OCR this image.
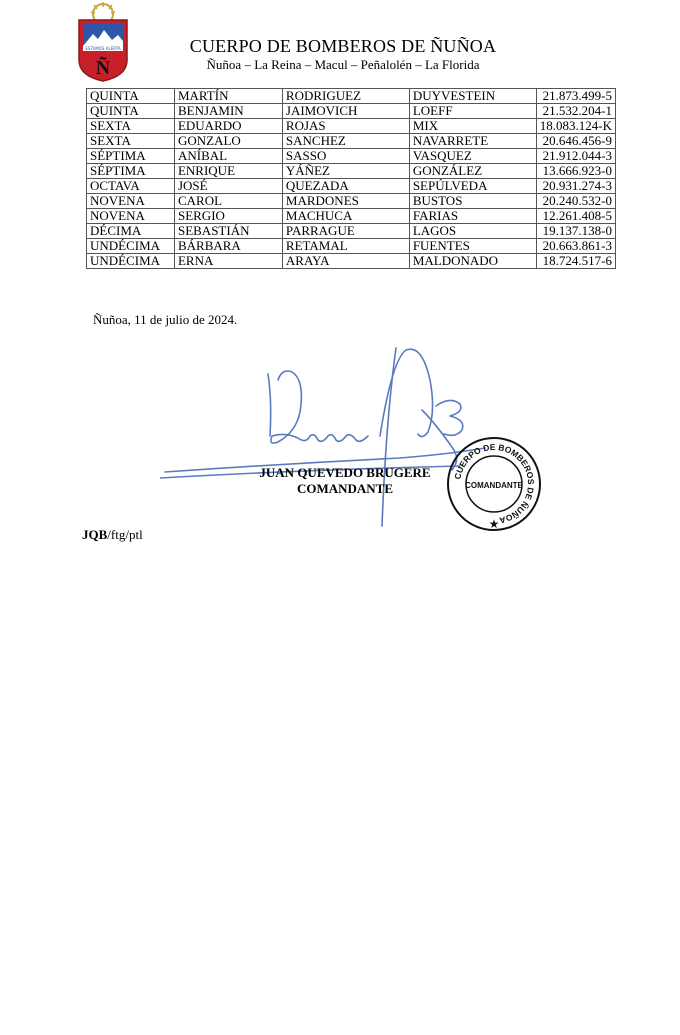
ESTAMOS ALERTA
Ñ
CUERPO DE BOMBEROS DE ÑUÑOA
Ñuñoa – La Reina – Macul – Peñalolén – La Florida
QUINTA	MARTÍN	RODRIGUEZ	DUYVESTEIN	21.873.499-5
QUINTA	BENJAMIN	JAIMOVICH	LOEFF	21.532.204-1
SEXTA	EDUARDO	ROJAS	MIX	18.083.124-K
SEXTA	GONZALO	SANCHEZ	NAVARRETE	20.646.456-9
SÉPTIMA	ANÍBAL	SASSO	VASQUEZ	21.912.044-3
SÉPTIMA	ENRIQUE	YÁÑEZ	GONZÁLEZ	13.666.923-0
OCTAVA	JOSÉ	QUEZADA	SEPÚLVEDA	20.931.274-3
NOVENA	CAROL	MARDONES	BUSTOS	20.240.532-0
NOVENA	SERGIO	MACHUCA	FARIAS	12.261.408-5
DÉCIMA	SEBASTIÁN	PARRAGUE	LAGOS	19.137.138-0
UNDÉCIMA	BÁRBARA	RETAMAL	FUENTES	20.663.861-3
UNDÉCIMA	ERNA	ARAYA	MALDONADO	18.724.517-6
Ñuñoa, 11 de julio de 2024.
CUERPO DE BOMBEROS DE ÑUÑOA
COMANDANTE
★
JUAN QUEVEDO BRUGERE
COMANDANTE
JQB/ftg/ptl
